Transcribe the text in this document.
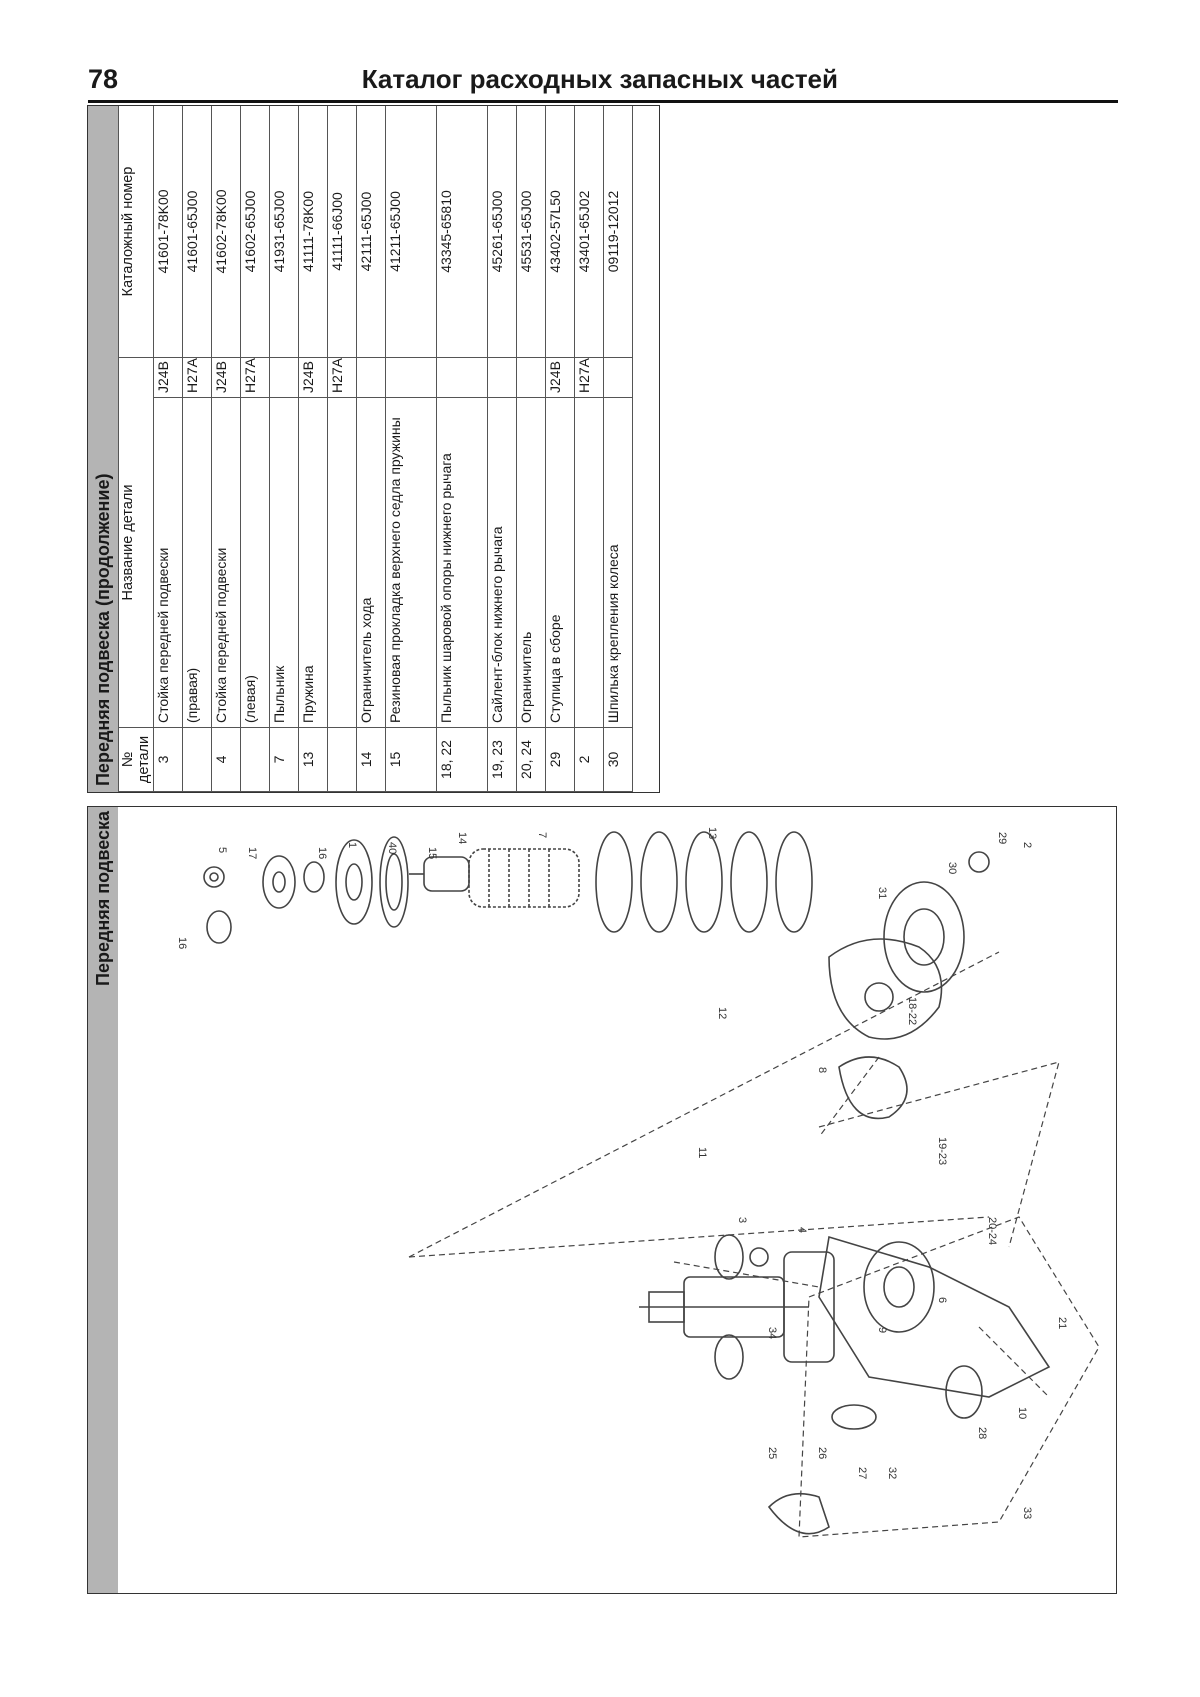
78	Каталог расходных запасных частей
Передняя подвеска (продолжение) № детали	Название детали		Каталожный номер
3	Стойка передней подвески	J24B	41601-78K00
	(правая)	H27A	41601-65J00
4	Стойка передней подвески	J24B	41602-78K00
	(левая)	H27A	41602-65J00
7	Пыльник		41931-65J00
13	Пружина	J24B	41111-78K00
		H27A	41111-66J00
14	Ограничитель хода		42111-65J00
15	Резиновая прокладка верхнего седла пружины		41211-65J00
18, 22	Пыльник шаровой опоры нижнего рычага		43345-65810
19, 23	Сайлент-блок нижнего рычага		45261-65J00
20, 24	Ограничитель		45531-65J00
29	Ступица в сборе	J24B	43402-57L50
2		H27A	43401-65J02
30	Шпилька крепления колеса		09119-12012
Передняя подвеска	5 17
16
16
1	40	15
14	7	13
12
11
3
4
31
30
29
2
18-22
19-23
20-24
8
25	26
27
9
10
21
33
32
6
28
34
